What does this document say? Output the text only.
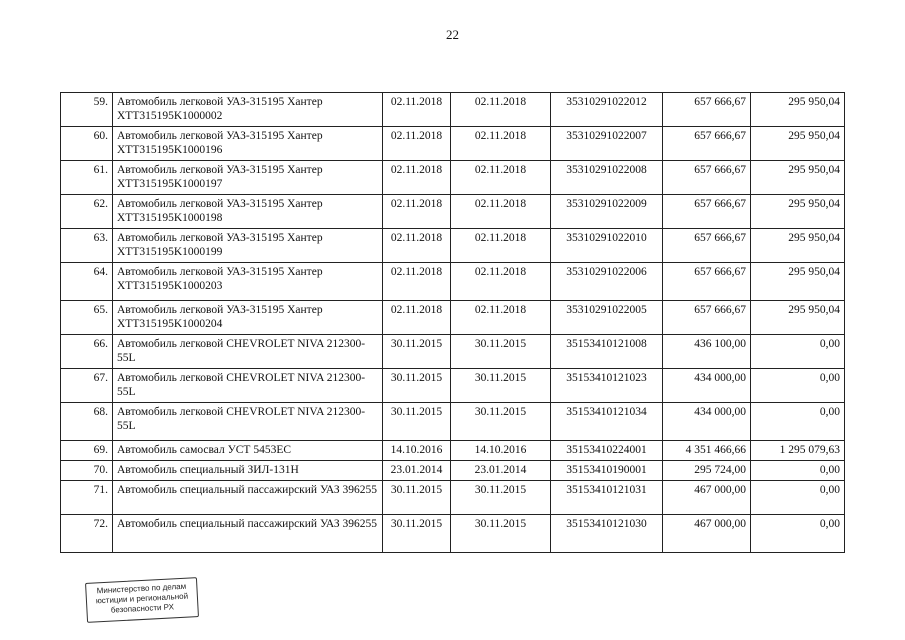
22
59.	Автомобиль легковой УАЗ-315195 Хантер XTT315195K1000002	02.11.2018	02.11.2018	35310291022012	657 666,67	295 950,04
60.	Автомобиль легковой УАЗ-315195 Хантер XTT315195K1000196	02.11.2018	02.11.2018	35310291022007	657 666,67	295 950,04
61.	Автомобиль легковой УАЗ-315195 Хантер XTT315195K1000197	02.11.2018	02.11.2018	35310291022008	657 666,67	295 950,04
62.	Автомобиль легковой УАЗ-315195 Хантер XTT315195K1000198	02.11.2018	02.11.2018	35310291022009	657 666,67	295 950,04
63.	Автомобиль легковой УАЗ-315195 Хантер XTT315195K1000199	02.11.2018	02.11.2018	35310291022010	657 666,67	295 950,04
64.	Автомобиль легковой УАЗ-315195 Хантер XTT315195K1000203	02.11.2018	02.11.2018	35310291022006	657 666,67	295 950,04
65.	Автомобиль легковой УАЗ-315195 Хантер XTT315195K1000204	02.11.2018	02.11.2018	35310291022005	657 666,67	295 950,04
66.	Автомобиль легковой CHEVROLET NIVA 212300-55L	30.11.2015	30.11.2015	35153410121008	436 100,00	0,00
67.	Автомобиль легковой CHEVROLET NIVA 212300-55L	30.11.2015	30.11.2015	35153410121023	434 000,00	0,00
68.	Автомобиль легковой CHEVROLET NIVA 212300-55L	30.11.2015	30.11.2015	35153410121034	434 000,00	0,00
69.	Автомобиль самосвал УСТ 5453ЕС	14.10.2016	14.10.2016	35153410224001	4 351 466,66	1 295 079,63
70.	Автомобиль специальный ЗИЛ-131Н	23.01.2014	23.01.2014	35153410190001	295 724,00	0,00
71.	Автомобиль специальный пассажирский УАЗ 396255	30.11.2015	30.11.2015	35153410121031	467 000,00	0,00
72.	Автомобиль специальный пассажирский УАЗ 396255	30.11.2015	30.11.2015	35153410121030	467 000,00	0,00
Министерство по делам
юстиции и региональной
безопасности РХ
